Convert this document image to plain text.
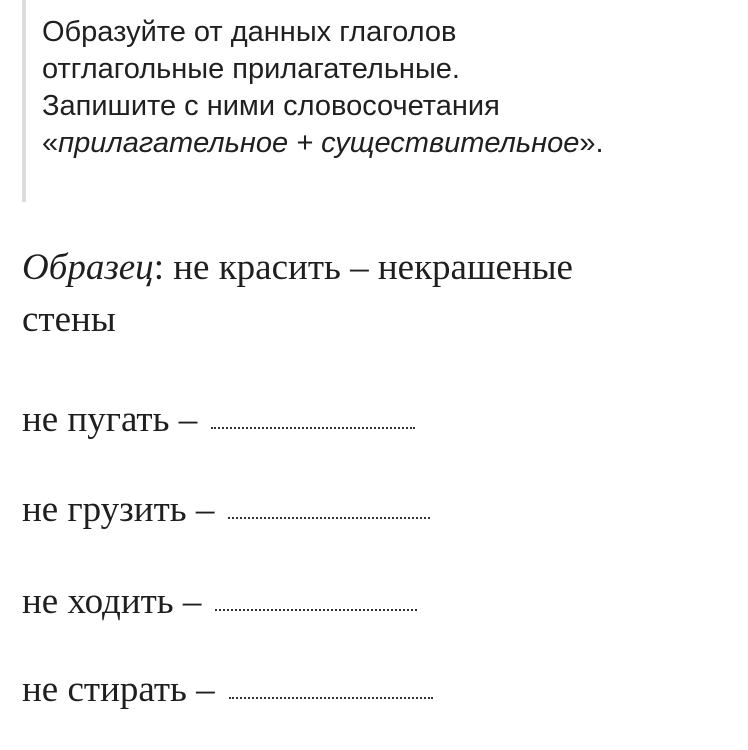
Образуйте от данных глаголов
отглагольные прилагательные.
Запишите с ними словосочетания
«прилагательное + существительное».
Образец: не красить – некрашеные
стены
не пугать –
не грузить –
не ходить –
не стирать –
